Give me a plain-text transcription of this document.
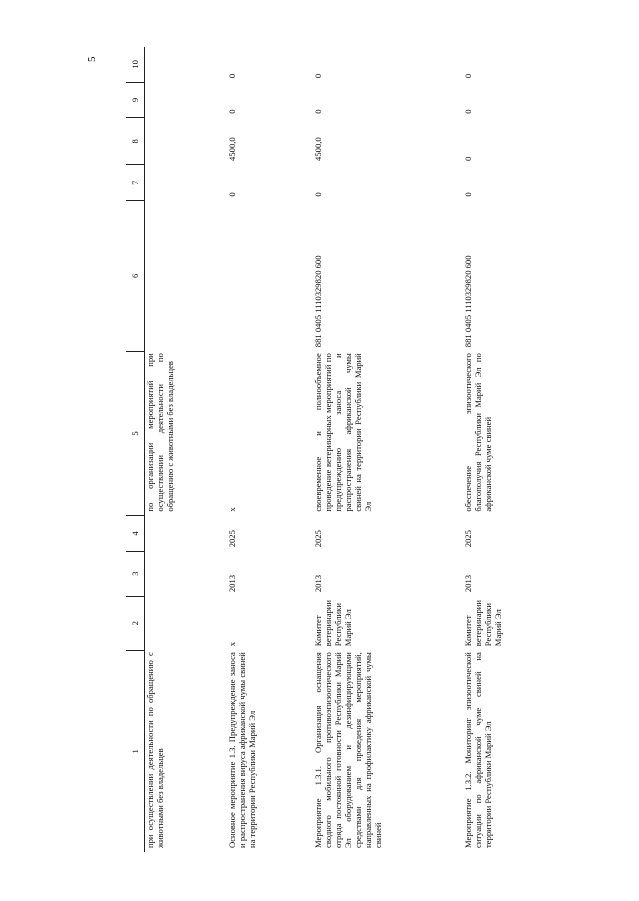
5
1	2	3	4	5	6	7	8	9	10
при осуществлении деятельности по обращению с животными без владельцев				по организации мероприятий при осуществлении деятельности по обращению с животными без владельцев					
Основное мероприятие 1.3. Предупреждение заноса и распространения вируса африканской чумы свиней на территории Республики Марий Эл	х	2013	2025	х		0	4500,0	0	0
Мероприятие 1.3.1. Организация оснащения сводного мобильного противоэпизоотического отряда постоянной готовности Республики Марий Эл оборудованием и дезинфицирующими средствами для проведения мероприятий, направленных на профилактику африканской чумы свиней	Комитет ветеринарии Республики Марий Эл	2013	2025	своевременное и полнообъемное проведение ветеринарных мероприятий по предупреждению заноса и распространения африканской чумы свиней на территории Республики Марий Эл	881 0405 1110329820 600	0	4500,0	0	0
Мероприятие 1.3.2. Мониторинг эпизоотической ситуации по африканской чуме свиней на территории Республики Марий Эл	Комитет ветеринарии Республики Марий Эл	2013	2025	обеспечение эпизоотического благополучия Республики Марий Эл по африканской чуме свиней	881 0405 1110329820 600	0	0	0	0
